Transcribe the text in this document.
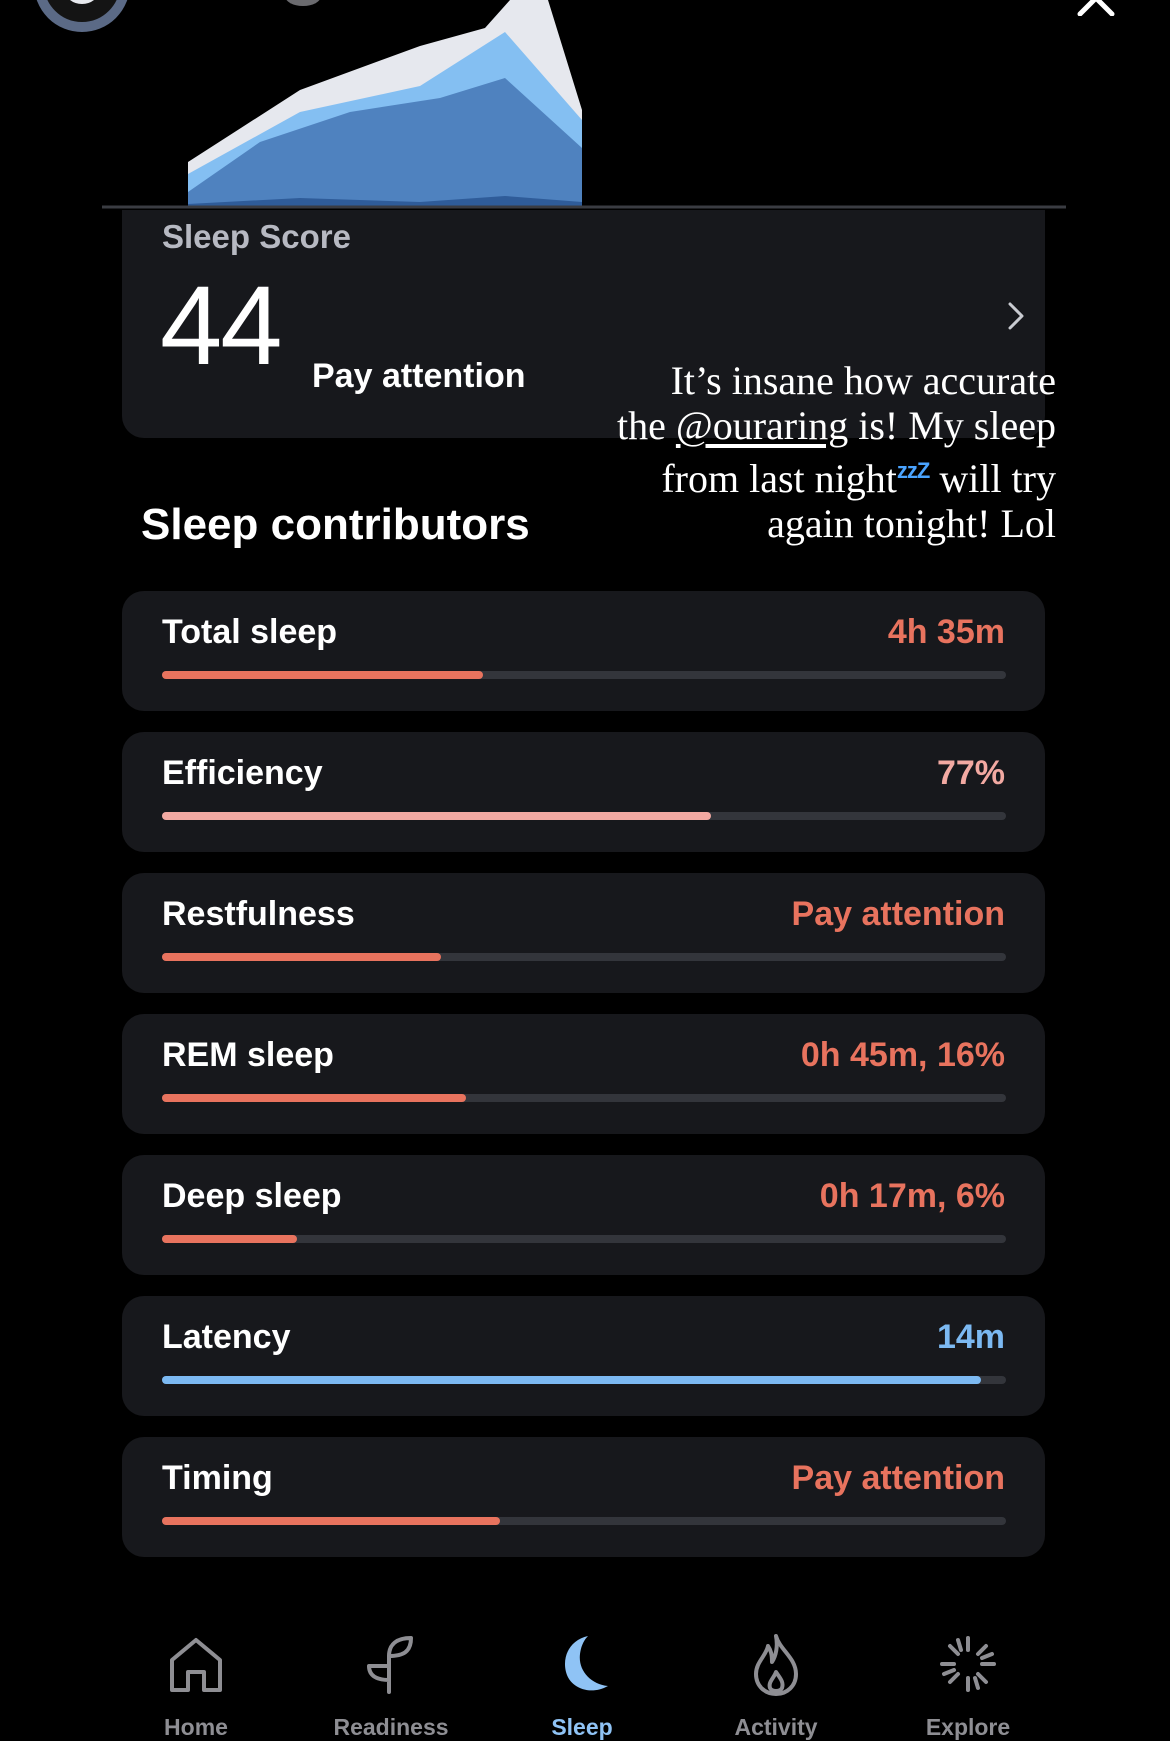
Sleep Score
44 Pay attention	It’s insane how accurate
the @ouraring is! My sleep
from last night$^{zzZ}$ will try
again tonight! Lol
Sleep contributors
Total sleep	4h 35m
Efficiency	77%
Restfulness	Pay attention
REM sleep	0h 45m, 16%
Deep sleep	0h 17m, 6%
Latency	14m
Timing	Pay attention
Home	Readiness	Sleep	Activity	Explore
